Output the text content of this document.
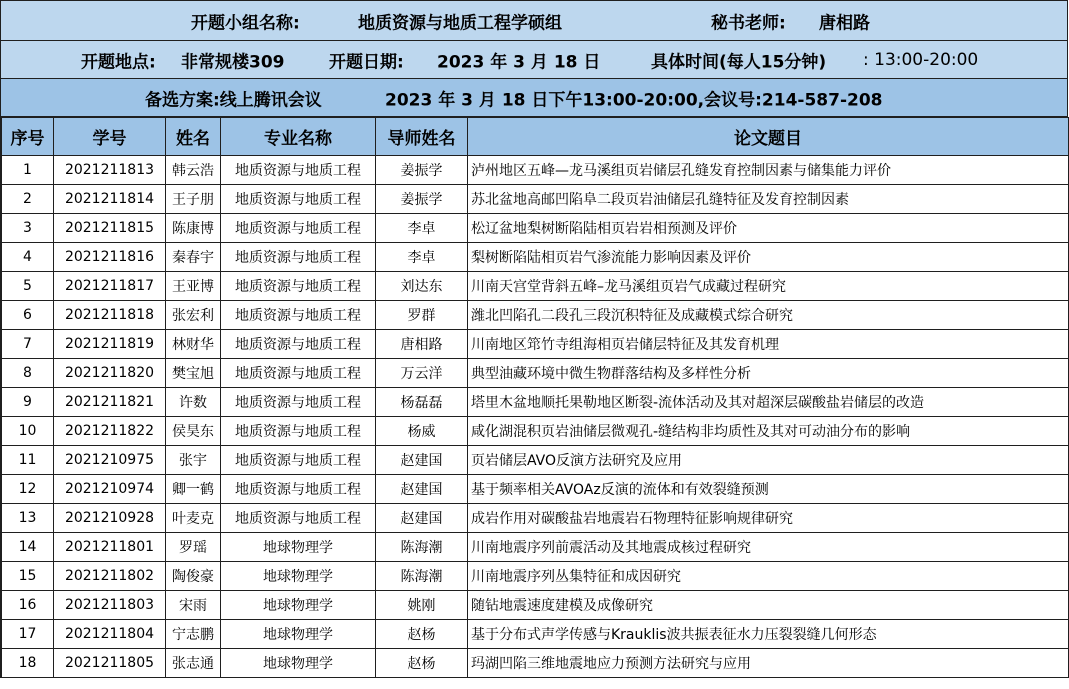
开题小组名称:	地质资源与地质工程学硕组	秘书老师: 唐相路
开题地点: 非常规楼309	开题日期: 2023 年 3 月 18 日	具体时间(每人15分钟) : 13:00-20:00
备选方案:线上腾讯会议	2023 年 3 月 18 日下午13:00-20:00,会议号:214-587-208
序号	学号	姓名	专业名称	导师姓名	论文题目
1	2021211813	韩云浩	地质资源与地质工程	姜振学	泸州地区五峰—龙马溪组页岩储层孔缝发育控制因素与储集能力评价
2	2021211814	王子朋	地质资源与地质工程	姜振学	苏北盆地高邮凹陷阜二段页岩油储层孔缝特征及发育控制因素
3	2021211815	陈康博	地质资源与地质工程	李卓	松辽盆地梨树断陷陆相页岩岩相预测及评价
4	2021211816	秦春宇	地质资源与地质工程	李卓	梨树断陷陆相页岩气渗流能力影响因素及评价
5	2021211817	王亚博	地质资源与地质工程	刘达东	川南天宫堂背斜五峰–龙马溪组页岩气成藏过程研究
6	2021211818	张宏利	地质资源与地质工程	罗群	潍北凹陷孔二段孔三段沉积特征及成藏模式综合研究
7	2021211819	林财华	地质资源与地质工程	唐相路	川南地区筇竹寺组海相页岩储层特征及其发育机理
8	2021211820	樊宝旭	地质资源与地质工程	万云洋	典型油藏环境中微生物群落结构及多样性分析
9	2021211821	许数	地质资源与地质工程	杨磊磊	塔里木盆地顺托果勒地区断裂-流体活动及其对超深层碳酸盐岩储层的改造
10	2021211822	侯昊东	地质资源与地质工程	杨威	咸化湖混积页岩油储层微观孔-缝结构非均质性及其对可动油分布的影响
11	2021210975	张宇	地质资源与地质工程	赵建国	页岩储层AVO反演方法研究及应用
12	2021210974	卿一鹤	地质资源与地质工程	赵建国	基于频率相关AVOAz反演的流体和有效裂缝预测
13	2021210928	叶麦克	地质资源与地质工程	赵建国	成岩作用对碳酸盐岩地震岩石物理特征影响规律研究
14	2021211801	罗瑶	地球物理学	陈海潮	川南地震序列前震活动及其地震成核过程研究
15	2021211802	陶俊豪	地球物理学	陈海潮	川南地震序列丛集特征和成因研究
16	2021211803	宋雨	地球物理学	姚刚	随钻地震速度建模及成像研究
17	2021211804	宁志鹏	地球物理学	赵杨	基于分布式声学传感与Krauklis波共振表征水力压裂裂缝几何形态
18	2021211805	张志通	地球物理学	赵杨	玛湖凹陷三维地震地应力预测方法研究与应用
